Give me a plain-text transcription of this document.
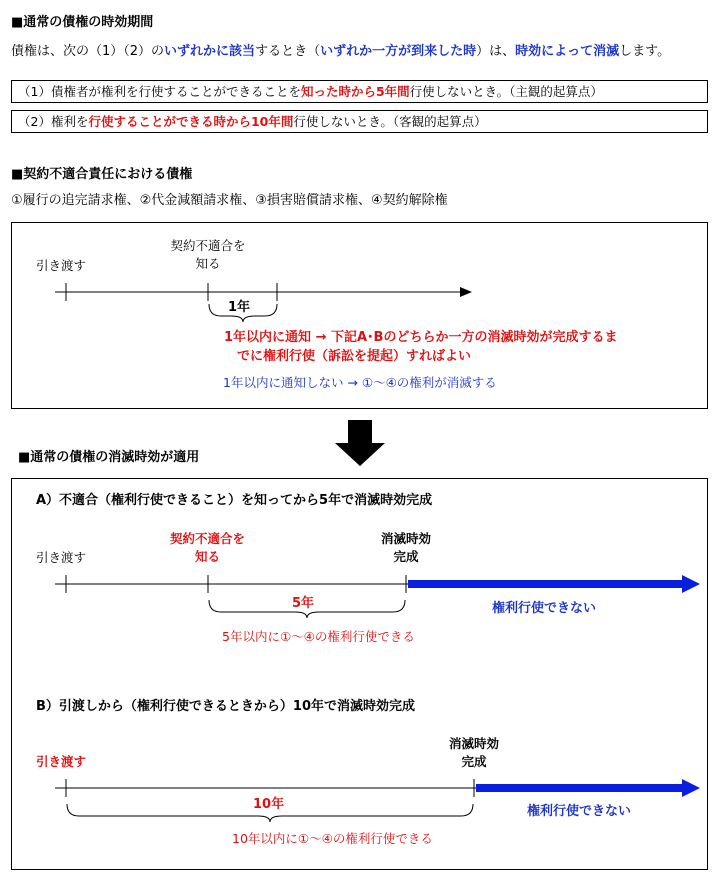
■通常の債権の時効期間
債権は、次の（1）（2）のいずれかに該当するとき（いずれか一方が到来した時）は、時効によって消滅します。
（1）債権者が権利を行使することができることを知った時から5年間行使しないとき。（主観的起算点）
（2）権利を行使することができる時から10年間行使しないとき。（客観的起算点）
■契約不適合責任における債権
①履行の追完請求権、②代金減額請求権、③損害賠償請求権、④契約解除権
引き渡す
契約不適合を
知る
1年
1年以内に通知 → 下記A･Bのどちらか一方の消滅時効が完成するま
でに権利行使（訴訟を提起）すればよい
1年以内に通知しない → ①～④の権利が消滅する
■通常の債権の消滅時効が適用
A）不適合（権利行使できること）を知ってから5年で消滅時効完成
引き渡す
契約不適合を
知る
消滅時効
完成
5年	権利行使できない
5年以内に①～④の権利行使できる
B）引渡しから（権利行使できるときから）10年で消滅時効完成
引き渡す
消滅時効
完成
10年	権利行使できない
10年以内に①～④の権利行使できる
